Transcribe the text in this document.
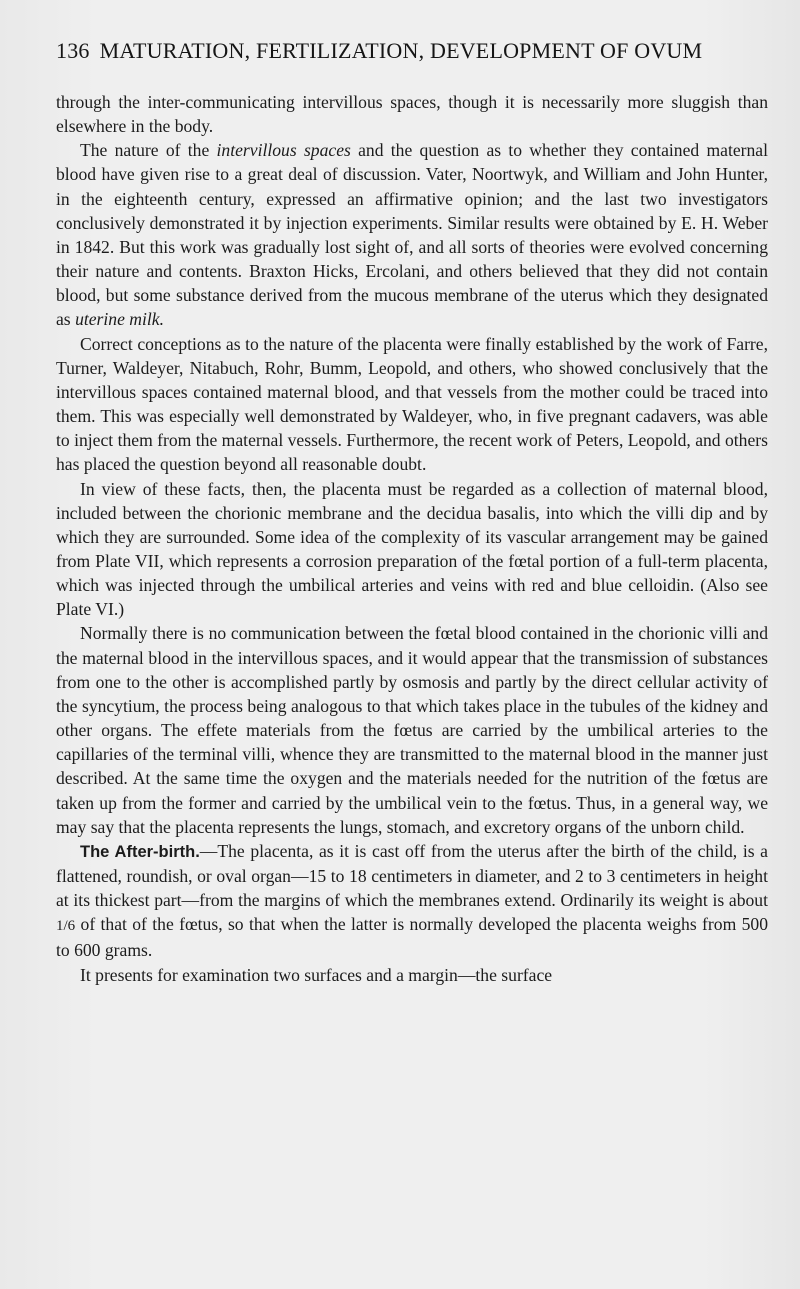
136 MATURATION, FERTILIZATION, DEVELOPMENT OF OVUM

through the inter-communicating intervillous spaces, though it is necessarily more sluggish than elsewhere in the body.

The nature of the intervillous spaces and the question as to whether they contained maternal blood have given rise to a great deal of discussion. Vater, Noortwyk, and William and John Hunter, in the eighteenth century, expressed an affirmative opinion; and the last two investigators conclusively demonstrated it by injection experiments. Similar results were obtained by E. H. Weber in 1842. But this work was gradually lost sight of, and all sorts of theories were evolved concerning their nature and contents. Braxton Hicks, Ercolani, and others believed that they did not contain blood, but some substance derived from the mucous membrane of the uterus which they designated as uterine milk.

Correct conceptions as to the nature of the placenta were finally established by the work of Farre, Turner, Waldeyer, Nitabuch, Rohr, Bumm, Leopold, and others, who showed conclusively that the intervillous spaces contained maternal blood, and that vessels from the mother could be traced into them. This was especially well demonstrated by Waldeyer, who, in five pregnant cadavers, was able to inject them from the maternal vessels. Furthermore, the recent work of Peters, Leopold, and others has placed the question beyond all reasonable doubt.

In view of these facts, then, the placenta must be regarded as a collection of maternal blood, included between the chorionic membrane and the decidua basalis, into which the villi dip and by which they are surrounded. Some idea of the complexity of its vascular arrangement may be gained from Plate VII, which represents a corrosion preparation of the fœtal portion of a full-term placenta, which was injected through the umbilical arteries and veins with red and blue celloidin. (Also see Plate VI.)

Normally there is no communication between the fœtal blood contained in the chorionic villi and the maternal blood in the intervillous spaces, and it would appear that the transmission of substances from one to the other is accomplished partly by osmosis and partly by the direct cellular activity of the syncytium, the process being analogous to that which takes place in the tubules of the kidney and other organs. The effete materials from the fœtus are carried by the umbilical arteries to the capillaries of the terminal villi, whence they are transmitted to the maternal blood in the manner just described. At the same time the oxygen and the materials needed for the nutrition of the fœtus are taken up from the former and carried by the umbilical vein to the fœtus. Thus, in a general way, we may say that the placenta represents the lungs, stomach, and excretory organs of the unborn child.

The After-birth.—The placenta, as it is cast off from the uterus after the birth of the child, is a flattened, roundish, or oval organ—15 to 18 centimeters in diameter, and 2 to 3 centimeters in height at its thickest part—from the margins of which the membranes extend. Ordinarily its weight is about 1/6 of that of the fœtus, so that when the latter is normally developed the placenta weighs from 500 to 600 grams.

It presents for examination two surfaces and a margin—the surface
